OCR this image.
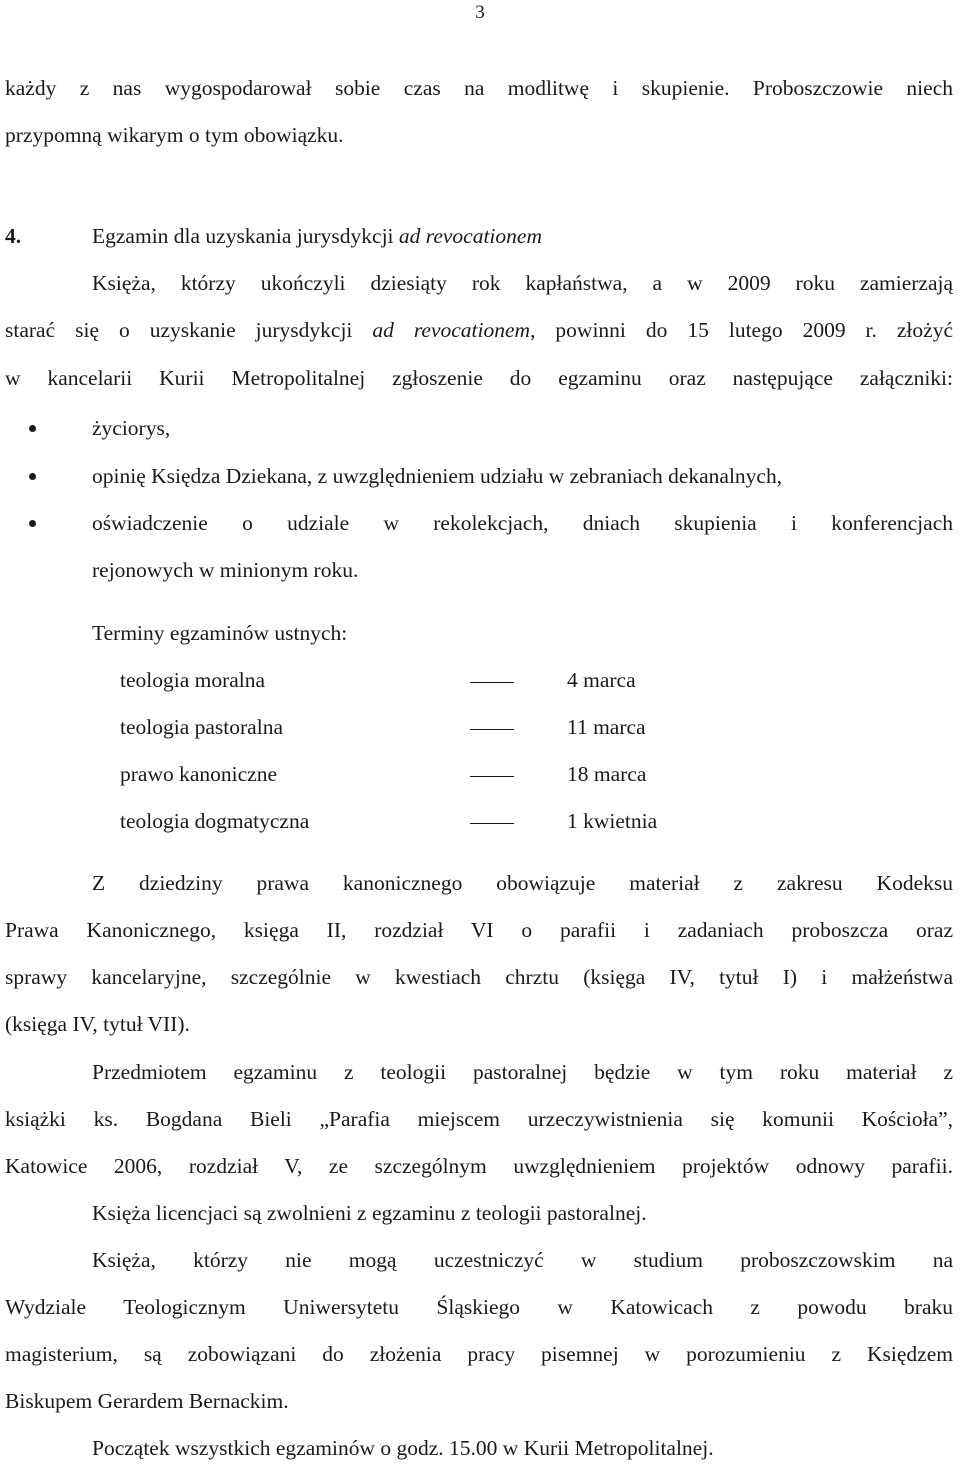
3
każdy z nas wygospodarował sobie czas na modlitwę i skupienie. Proboszczowie niech
przypomną wikarym o tym obowiązku.
4.	Egzamin dla uzyskania jurysdykcji ad revocationem
Księża, którzy ukończyli dziesiąty rok kapłaństwa, a w 2009 roku zamierzają
starać się o uzyskanie jurysdykcji ad revocationem, powinni do 15 lutego 2009 r. złożyć
w kancelarii Kurii Metropolitalnej zgłoszenie do egzaminu oraz następujące załączniki:
życiorys,
opinię Księdza Dziekana, z uwzględnieniem udziału w zebraniach dekanalnych,
oświadczenie o udziale w rekolekcjach, dniach skupienia i konferencjach
rejonowych w minionym roku.
Terminy egzaminów ustnych:
teologia moralna	4 marca
teologia pastoralna	11 marca
prawo kanoniczne	18 marca
teologia dogmatyczna	1 kwietnia
Z dziedziny prawa kanonicznego obowiązuje materiał z zakresu Kodeksu
Prawa Kanonicznego, księga II, rozdział VI o parafii i zadaniach proboszcza oraz
sprawy kancelaryjne, szczególnie w kwestiach chrztu (księga IV, tytuł I) i małżeństwa
(księga IV, tytuł VII).
Przedmiotem egzaminu z teologii pastoralnej będzie w tym roku materiał z
książki ks. Bogdana Bieli „Parafia miejscem urzeczywistnienia się komunii Kościoła”,
Katowice 2006, rozdział V, ze szczególnym uwzględnieniem projektów odnowy parafii.
Księża licencjaci są zwolnieni z egzaminu z teologii pastoralnej.
Księża, którzy nie mogą uczestniczyć w studium proboszczowskim na
Wydziale Teologicznym Uniwersytetu Śląskiego w Katowicach z powodu braku
magisterium, są zobowiązani do złożenia pracy pisemnej w porozumieniu z Księdzem
Biskupem Gerardem Bernackim.
Początek wszystkich egzaminów o godz. 15.00 w Kurii Metropolitalnej.
